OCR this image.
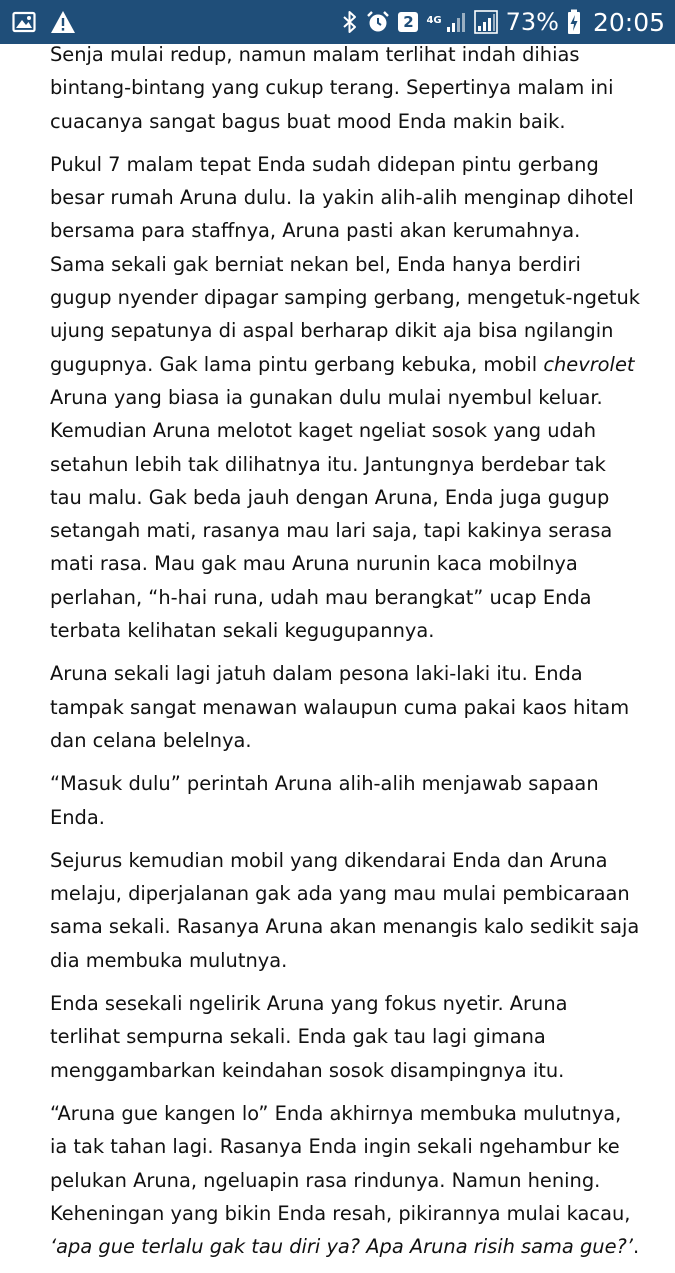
2	4G	73% 20:05

Senja mulai redup, namun malam terlihat indah dihias bintang-bintang yang cukup terang. Sepertinya malam ini cuacanya sangat bagus buat mood Enda makin baik.

Pukul 7 malam tepat Enda sudah didepan pintu gerbang besar rumah Aruna dulu. Ia yakin alih-alih menginap dihotel bersama para staffnya, Aruna pasti akan kerumahnya. Sama sekali gak berniat nekan bel, Enda hanya berdiri gugup nyender dipagar samping gerbang, mengetuk-ngetuk ujung sepatunya di aspal berharap dikit aja bisa ngilangin gugupnya. Gak lama pintu gerbang kebuka, mobil chevrolet Aruna yang biasa ia gunakan dulu mulai nyembul keluar. Kemudian Aruna melotot kaget ngeliat sosok yang udah setahun lebih tak dilihatnya itu. Jantungnya berdebar tak tau malu. Gak beda jauh dengan Aruna, Enda juga gugup setangah mati, rasanya mau lari saja, tapi kakinya serasa mati rasa. Mau gak mau Aruna nurunin kaca mobilnya perlahan, “h-hai runa, udah mau berangkat” ucap Enda terbata kelihatan sekali kegugupannya.

Aruna sekali lagi jatuh dalam pesona laki-laki itu. Enda tampak sangat menawan walaupun cuma pakai kaos hitam dan celana belelnya.

“Masuk dulu” perintah Aruna alih-alih menjawab sapaan Enda.

Sejurus kemudian mobil yang dikendarai Enda dan Aruna melaju, diperjalanan gak ada yang mau mulai pembicaraan sama sekali. Rasanya Aruna akan menangis kalo sedikit saja dia membuka mulutnya.

Enda sesekali ngelirik Aruna yang fokus nyetir. Aruna terlihat sempurna sekali. Enda gak tau lagi gimana menggambarkan keindahan sosok disampingnya itu.

“Aruna gue kangen lo” Enda akhirnya membuka mulutnya, ia tak tahan lagi. Rasanya Enda ingin sekali ngehambur ke pelukan Aruna, ngeluapin rasa rindunya. Namun hening. Keheningan yang bikin Enda resah, pikirannya mulai kacau, ‘apa gue terlalu gak tau diri ya? Apa Aruna risih sama gue?’.
